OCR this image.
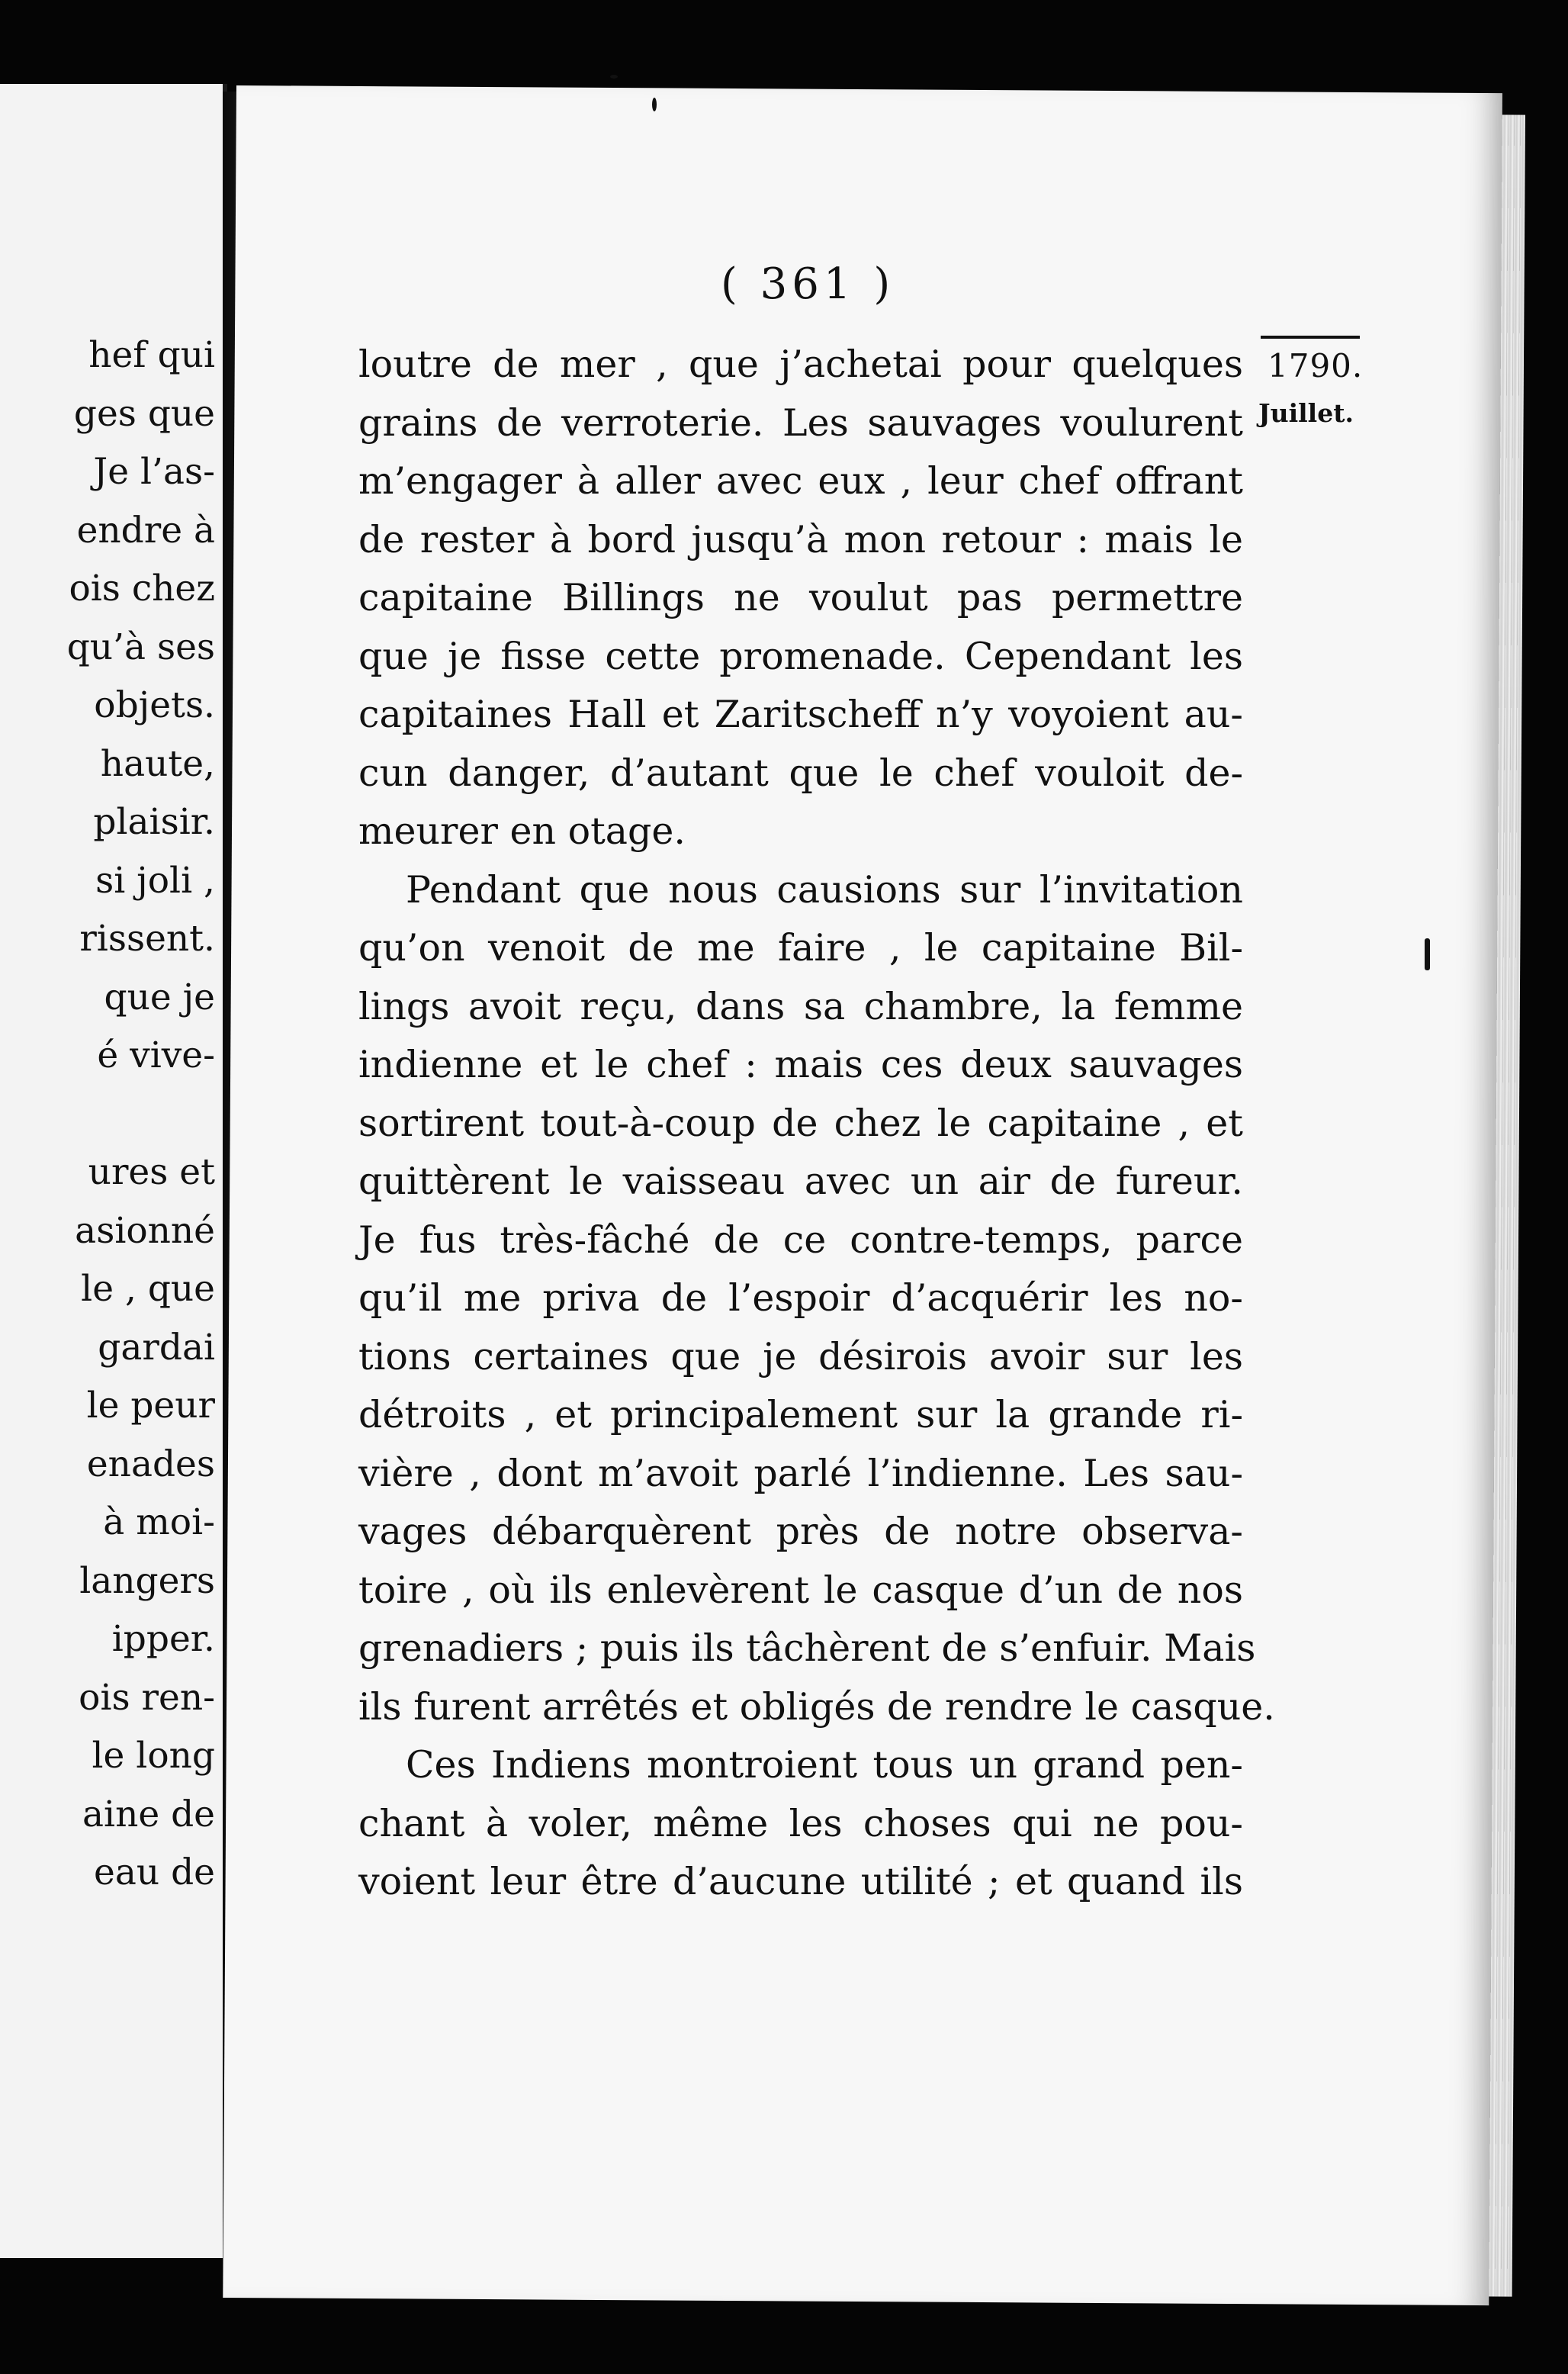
hef qui
ges que
Je l’as-
endre à
ois chez
qu’à ses
objets.
haute,
plaisir.
si joli ,
rissent.
que je
é vive-
ures et
asionné
le , que
gardai
le peur
enades
à moi-
langers
ipper.
ois ren-
le long
aine de
eau de
( 361 )
1790.
Juillet.
loutre de mer , que j’achetai pour quelques
grains de verroterie. Les sauvages voulurent
m’engager à aller avec eux , leur chef offrant
de rester à bord jusqu’à mon retour : mais le
capitaine Billings ne voulut pas permettre
que je fisse cette promenade. Cependant les
capitaines Hall et Zaritscheff n’y voyoient au-
cun danger, d’autant que le chef vouloit de-
meurer en otage.
Pendant que nous causions sur l’invitation
qu’on venoit de me faire , le capitaine Bil-
lings avoit reçu, dans sa chambre, la femme
indienne et le chef : mais ces deux sauvages
sortirent tout-à-coup de chez le capitaine , et
quittèrent le vaisseau avec un air de fureur.
Je fus très-fâché de ce contre-temps, parce
qu’il me priva de l’espoir d’acquérir les no-
tions certaines que je désirois avoir sur les
détroits , et principalement sur la grande ri-
vière , dont m’avoit parlé l’indienne. Les sau-
vages débarquèrent près de notre observa-
toire , où ils enlevèrent le casque d’un de nos
grenadiers ; puis ils tâchèrent de s’enfuir. Mais
ils furent arrêtés et obligés de rendre le casque.
Ces Indiens montroient tous un grand pen-
chant à voler, même les choses qui ne pou-
voient leur être d’aucune utilité ; et quand ils
